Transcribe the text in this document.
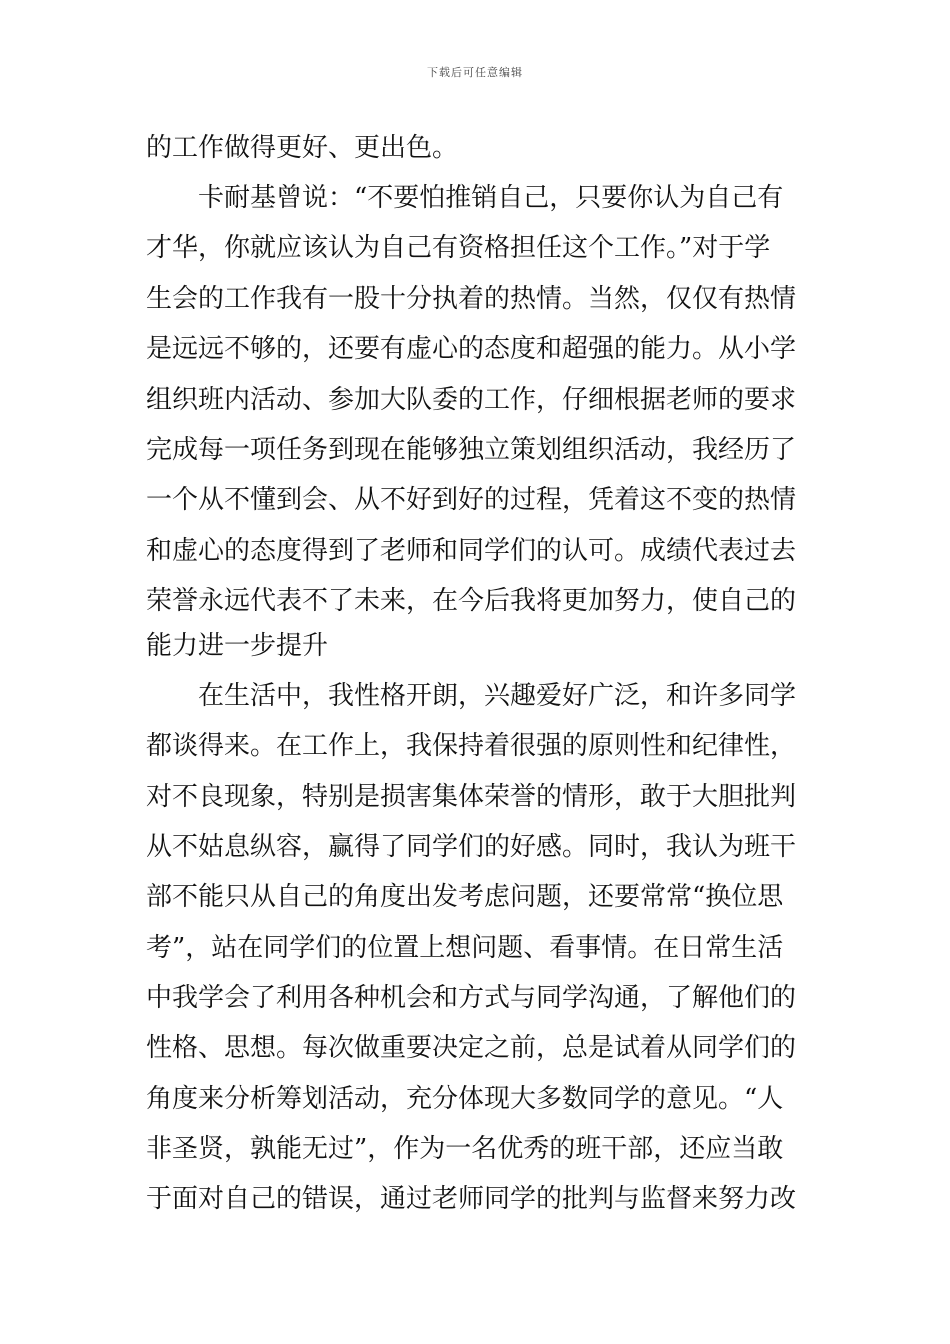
下载后可任意编辑
的工作做得更好、更出色。
卡耐基曾说：“不要怕推销自己，只要你认为自己有
才华，你就应该认为自己有资格担任这个工作。”对于学
生会的工作我有一股十分执着的热情。当然，仅仅有热情
是远远不够的，还要有虚心的态度和超强的能力。从小学
组织班内活动、参加大队委的工作，仔细根据老师的要求
完成每一项任务到现在能够独立策划组织活动，我经历了
一个从不懂到会、从不好到好的过程，凭着这不变的热情
和虚心的态度得到了老师和同学们的认可。成绩代表过去
荣誉永远代表不了未来，在今后我将更加努力，使自己的
能力进一步提升
在生活中，我性格开朗，兴趣爱好广泛，和许多同学
都谈得来。在工作上，我保持着很强的原则性和纪律性，
对不良现象，特别是损害集体荣誉的情形，敢于大胆批判
从不姑息纵容，赢得了同学们的好感。同时，我认为班干
部不能只从自己的角度出发考虑问题，还要常常“换位思
考”，站在同学们的位置上想问题、看事情。在日常生活
中我学会了利用各种机会和方式与同学沟通，了解他们的
性格、思想。每次做重要决定之前，总是试着从同学们的
角度来分析筹划活动，充分体现大多数同学的意见。“人
非圣贤，孰能无过”，作为一名优秀的班干部，还应当敢
于面对自己的错误，通过老师同学的批判与监督来努力改
